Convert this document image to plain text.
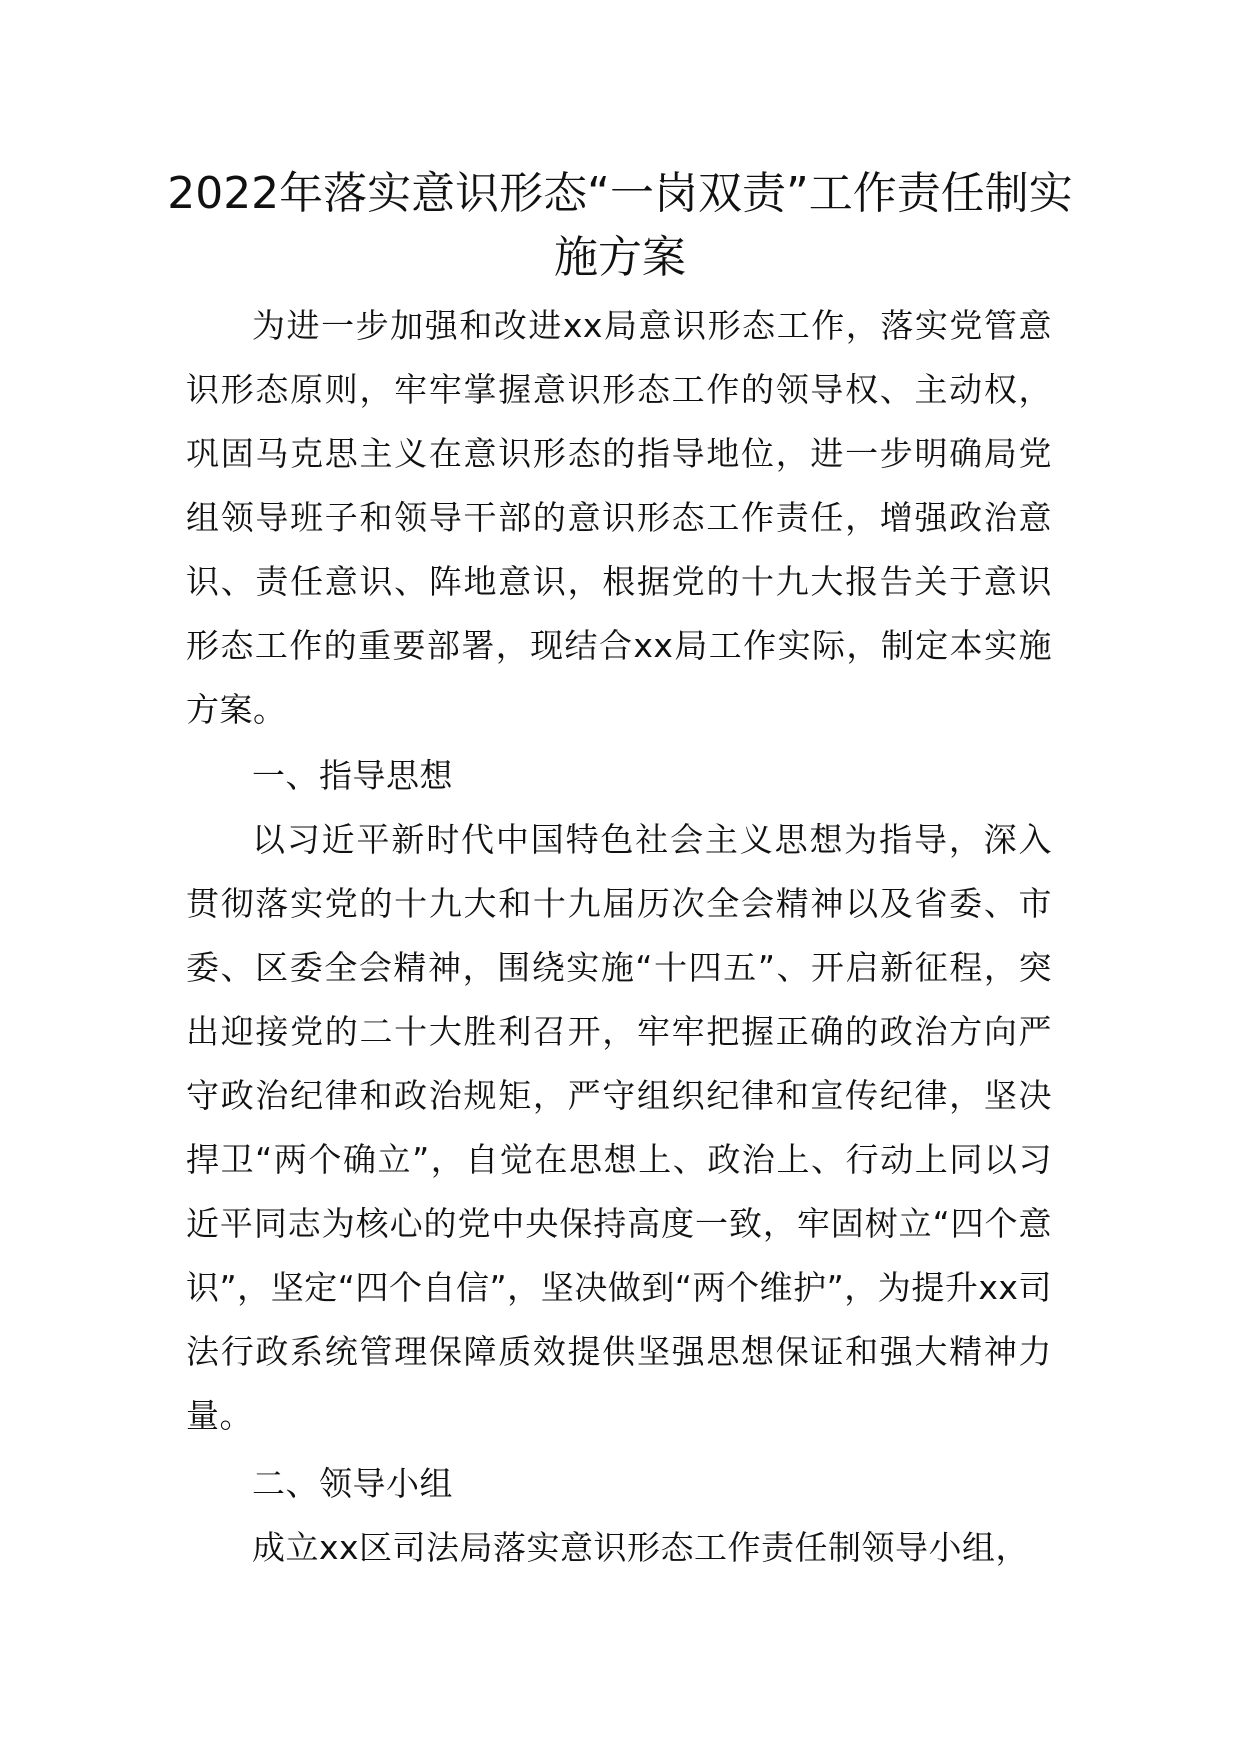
2022年落实意识形态“一岗双责”工作责任制实施方案

为进一步加强和改进xx局意识形态工作，落实党管意识形态原则，牢牢掌握意识形态工作的领导权、主动权，巩固马克思主义在意识形态的指导地位，进一步明确局党组领导班子和领导干部的意识形态工作责任，增强政治意识、责任意识、阵地意识，根据党的十九大报告关于意识形态工作的重要部署，现结合xx局工作实际，制定本实施方案。

一、指导思想

以习近平新时代中国特色社会主义思想为指导，深入贯彻落实党的十九大和十九届历次全会精神以及省委、市委、区委全会精神，围绕实施“十四五”、开启新征程，突出迎接党的二十大胜利召开，牢牢把握正确的政治方向严守政治纪律和政治规矩，严守组织纪律和宣传纪律，坚决捍卫“两个确立”，自觉在思想上、政治上、行动上同以习近平同志为核心的党中央保持高度一致，牢固树立“四个意识”，坚定“四个自信”，坚决做到“两个维护”，为提升xx司法行政系统管理保障质效提供坚强思想保证和强大精神力量。

二、领导小组

成立xx区司法局落实意识形态工作责任制领导小组，
